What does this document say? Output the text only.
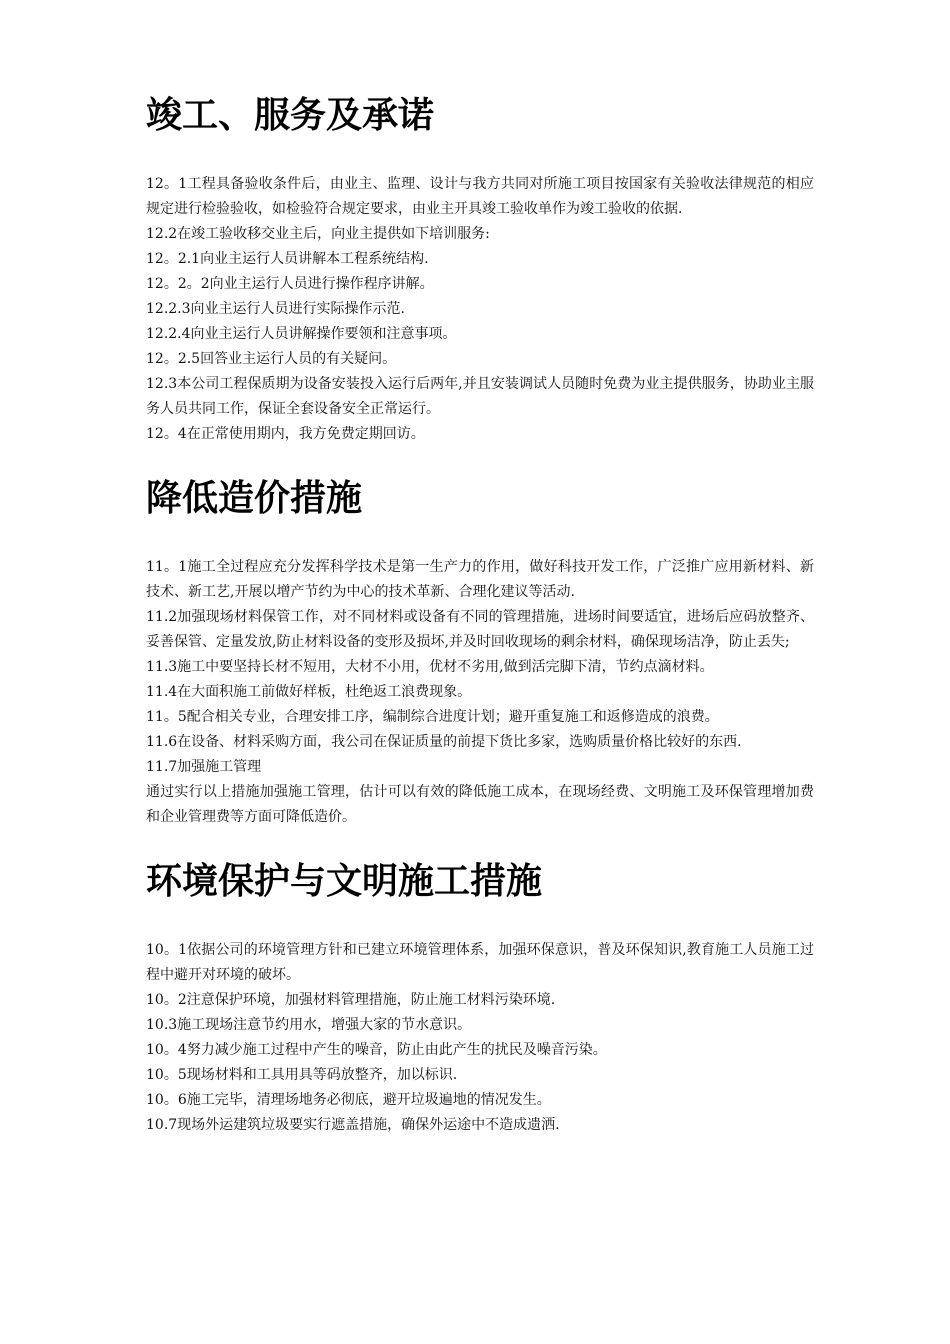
竣工、服务及承诺

12。1工程具备验收条件后，由业主、监理、设计与我方共同对所施工项目按国家有关验收法律规范的相应规定进行检验验收，如检验符合规定要求，由业主开具竣工验收单作为竣工验收的依据.

12.2在竣工验收移交业主后，向业主提供如下培训服务:

12。2.1向业主运行人员讲解本工程系统结构.

12。2。2向业主运行人员进行操作程序讲解。

12.2.3向业主运行人员进行实际操作示范.

12.2.4向业主运行人员讲解操作要领和注意事项。

12。2.5回答业主运行人员的有关疑问。

12.3本公司工程保质期为设备安装投入运行后两年,并且安装调试人员随时免费为业主提供服务，协助业主服务人员共同工作，保证全套设备安全正常运行。

12。4在正常使用期内，我方免费定期回访。

降低造价措施

11。1施工全过程应充分发挥科学技术是第一生产力的作用，做好科技开发工作，广泛推广应用新材料、新技术、新工艺,开展以增产节约为中心的技术革新、合理化建议等活动.

11.2加强现场材料保管工作，对不同材料或设备有不同的管理措施，进场时间要适宜，进场后应码放整齐、妥善保管、定量发放,防止材料设备的变形及损坏,并及时回收现场的剩余材料，确保现场洁净，防止丢失;

11.3施工中要坚持长材不短用，大材不小用，优材不劣用,做到活完脚下清，节约点滴材料。

11.4在大面积施工前做好样板，杜绝返工浪费现象。

11。5配合相关专业，合理安排工序，编制综合进度计划；避开重复施工和返修造成的浪费。

11.6在设备、材料采购方面，我公司在保证质量的前提下货比多家，选购质量价格比较好的东西.

11.7加强施工管理

通过实行以上措施加强施工管理，估计可以有效的降低施工成本，在现场经费、文明施工及环保管理增加费和企业管理费等方面可降低造价。

环境保护与文明施工措施

10。1依据公司的环境管理方针和已建立环境管理体系，加强环保意识，普及环保知识,教育施工人员施工过程中避开对环境的破坏。

10。2注意保护环境，加强材料管理措施，防止施工材料污染环境.

10.3施工现场注意节约用水，增强大家的节水意识。

10。4努力减少施工过程中产生的噪音，防止由此产生的扰民及噪音污染。

10。5现场材料和工具用具等码放整齐，加以标识.

10。6施工完毕，清理场地务必彻底，避开垃圾遍地的情况发生。

10.7现场外运建筑垃圾要实行遮盖措施，确保外运途中不造成遗洒.
